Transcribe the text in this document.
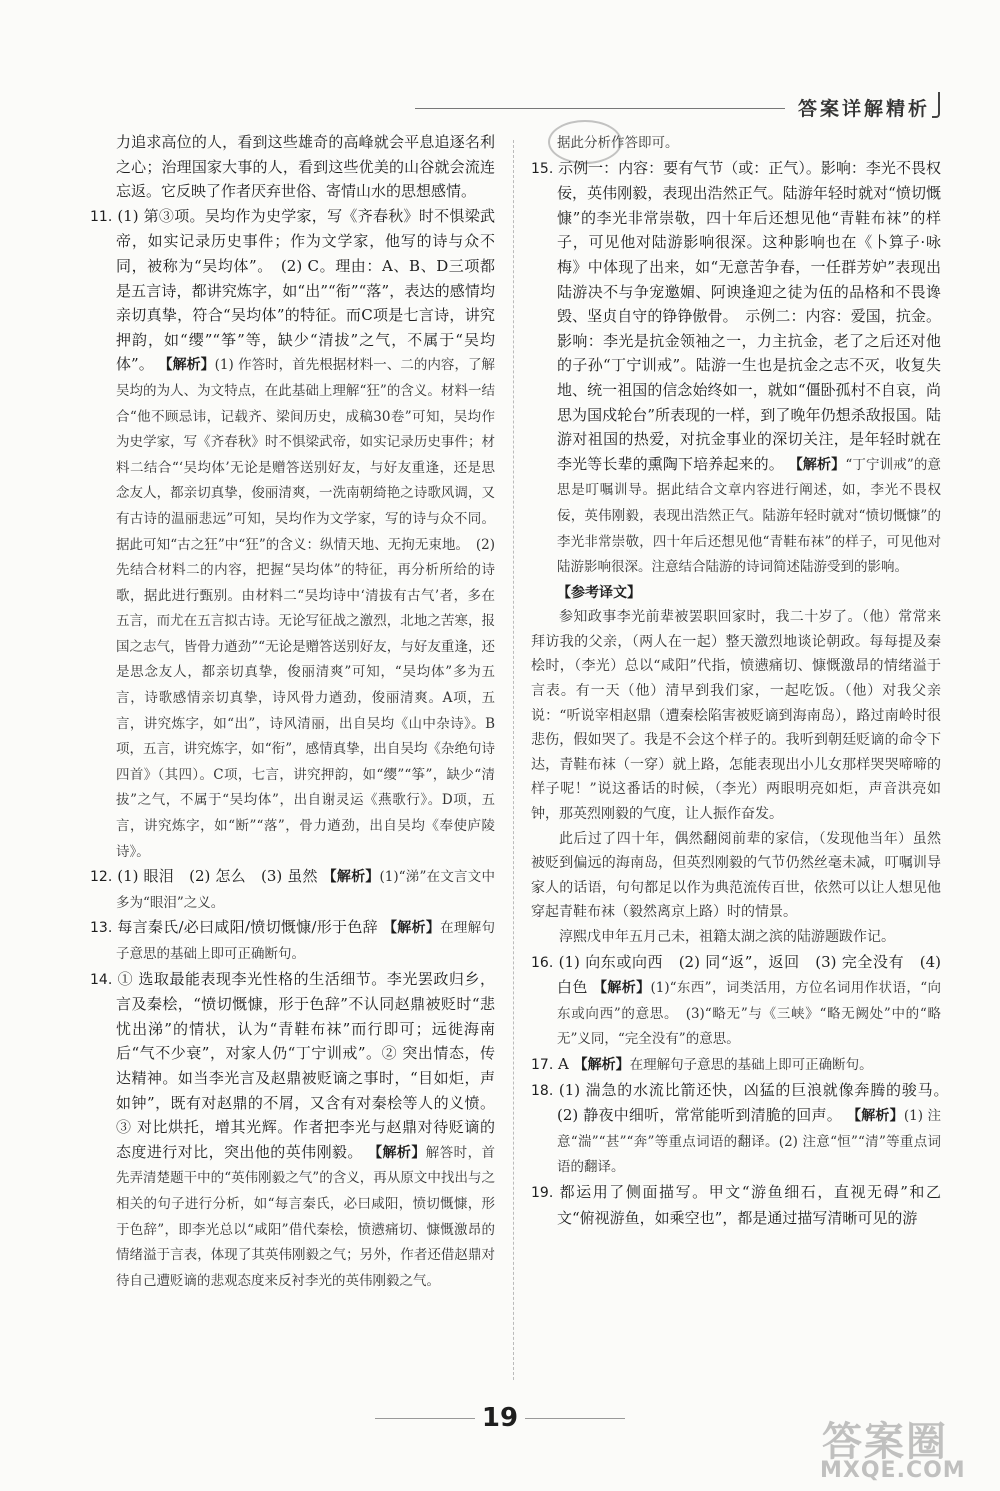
答案详解精析

力追求高位的人，看到这些雄奇的高峰就会平息追逐名利之心；治理国家大事的人，看到这些优美的山谷就会流连忘返。它反映了作者厌弃世俗、寄情山水的思想感情。

11. (1) 第③项。吴均作为史学家，写《齐春秋》时不惧梁武帝，如实记录历史事件；作为文学家，他写的诗与众不同，被称为“吴均体”。　(2) C。理由：A、B、D三项都是五言诗，都讲究炼字，如“出”“衔”“落”，表达的感情均亲切真挚，符合“吴均体”的特征。而C项是七言诗，讲究押韵，如“缨”“筝”等，缺少“清拔”之气，不属于“吴均体”。 【解析】(1) 作答时，首先根据材料一、二的内容，了解吴均的为人、为文特点，在此基础上理解“狂”的含义。材料一结合“他不顾忌讳，记载齐、梁间历史，成稿30卷”可知，吴均作为史学家，写《齐春秋》时不惧梁武帝，如实记录历史事件；材料二结合“‘吴均体’无论是赠答送别好友，与好友重逢，还是思念友人，都亲切真挚，俊丽清爽，一洗南朝绮艳之诗歌风调，又有古诗的温丽悲远”可知，吴均作为文学家，写的诗与众不同。据此可知“古之狂”中“狂”的含义：纵情天地、无拘无束地。　(2) 先结合材料二的内容，把握“吴均体”的特征，再分析所给的诗歌，据此进行甄别。由材料二“吴均诗中‘清拔有古气’者，多在五言，而尤在五言拟古诗。无论写征战之激烈，北地之苦寒，报国之志气，皆骨力遒劲”“无论是赠答送别好友，与好友重逢，还是思念友人，都亲切真挚，俊丽清爽”可知，“吴均体”多为五言，诗歌感情亲切真挚，诗风骨力遒劲，俊丽清爽。A项，五言，讲究炼字，如“出”，诗风清丽，出自吴均《山中杂诗》。B项，五言，讲究炼字，如“衔”，感情真挚，出自吴均《杂绝句诗四首》（其四）。C项，七言，讲究押韵，如“缨”“筝”，缺少“清拔”之气，不属于“吴均体”，出自谢灵运《燕歌行》。D项，五言，讲究炼字，如“断”“落”，骨力遒劲，出自吴均《奉使庐陵诗》。

12. (1) 眼泪　(2) 怎么　(3) 虽然 【解析】(1)“涕”在文言文中多为“眼泪”之义。

13. 每言秦氏/必曰咸阳/愤切慨慷/形于色辞 【解析】在理解句子意思的基础上即可正确断句。

14. ① 选取最能表现李光性格的生活细节。李光罢政归乡，言及秦桧，“愤切慨慷，形于色辞”不认同赵鼎被贬时“悲忧出涕”的情状，认为“青鞋布袜”而行即可；远徙海南后“气不少衰”，对家人仍“丁宁训戒”。② 突出情态，传达精神。如当李光言及赵鼎被贬谪之事时，“目如炬，声如钟”，既有对赵鼎的不屑，又含有对秦桧等人的义愤。③ 对比烘托，增其光辉。作者把李光与赵鼎对待贬谪的态度进行对比，突出他的英伟刚毅。 【解析】解答时，首先弄清楚题干中的“英伟刚毅之气”的含义，再从原文中找出与之相关的句子进行分析，如“每言秦氏，必曰咸阳，愤切慨慷，形于色辞”，即李光总以“咸阳”借代秦桧，愤懑痛切、慷慨激昂的情绪溢于言表，体现了其英伟刚毅之气；另外，作者还借赵鼎对待自己遭贬谪的悲观态度来反衬李光的英伟刚毅之气。

据此分析作答即可。

15. 示例一：内容：要有气节（或：正气）。影响：李光不畏权佞，英伟刚毅，表现出浩然正气。陆游年轻时就对“愤切慨慷”的李光非常崇敬，四十年后还想见他“青鞋布袜”的样子，可见他对陆游影响很深。这种影响也在《卜算子·咏梅》中体现了出来，如“无意苦争春，一任群芳妒”表现出陆游决不与争宠邀媚、阿谀逢迎之徒为伍的品格和不畏谗毁、坚贞自守的铮铮傲骨。　示例二：内容：爱国，抗金。影响：李光是抗金领袖之一，力主抗金，老了之后还对他的子孙“丁宁训戒”。陆游一生也是抗金之志不灭，收复失地、统一祖国的信念始终如一，就如“僵卧孤村不自哀，尚思为国戍轮台”所表现的一样，到了晚年仍想杀敌报国。陆游对祖国的热爱，对抗金事业的深切关注，是年轻时就在李光等长辈的熏陶下培养起来的。 【解析】“丁宁训戒”的意思是叮嘱训导。据此结合文章内容进行阐述，如，李光不畏权佞，英伟刚毅，表现出浩然正气。陆游年轻时就对“愤切慨慷”的李光非常崇敬，四十年后还想见他“青鞋布袜”的样子，可见他对陆游影响很深。注意结合陆游的诗词简述陆游受到的影响。

【参考译文】

参知政事李光前辈被罢职回家时，我二十岁了。（他）常常来拜访我的父亲，（两人在一起）整天激烈地谈论朝政。每每提及秦桧时，（李光）总以“咸阳”代指，愤懑痛切、慷慨激昂的情绪溢于言表。有一天（他）清早到我们家，一起吃饭。（他）对我父亲说：“听说宰相赵鼎（遭秦桧陷害被贬谪到海南岛），路过南岭时很悲伤，假如哭了。我是不会这个样子的。我听到朝廷贬谪的命令下达，青鞋布袜（一穿）就上路，怎能表现出小儿女那样哭哭啼啼的样子呢！”说这番话的时候，（李光）两眼明亮如炬，声音洪亮如钟，那英烈刚毅的气度，让人振作奋发。

此后过了四十年，偶然翻阅前辈的家信，（发现他当年）虽然被贬到偏远的海南岛，但英烈刚毅的气节仍然丝毫未减，叮嘱训导家人的话语，句句都足以作为典范流传百世，依然可以让人想见他穿起青鞋布袜（毅然离京上路）时的情景。

淳熙戊申年五月己未，祖籍太湖之滨的陆游题跋作记。

16. (1) 向东或向西　(2) 同“返”，返回　(3) 完全没有　(4) 白色 【解析】(1)“东西”，词类活用，方位名词用作状语，“向东或向西”的意思。　(3)“略无”与《三峡》“略无阙处”中的“略无”义同，“完全没有”的意思。

17. A 【解析】在理解句子意思的基础上即可正确断句。

18. (1) 湍急的水流比箭还快，凶猛的巨浪就像奔腾的骏马。　(2) 静夜中细听，常常能听到清脆的回声。 【解析】(1) 注意“湍”“甚”“奔”等重点词语的翻译。(2) 注意“恒”“清”等重点词语的翻译。

19. 都运用了侧面描写。甲文“游鱼细石，直视无碍”和乙文“俯视游鱼，如乘空也”，都是通过描写清晰可见的游

19
答案圈
MXQE.COM
